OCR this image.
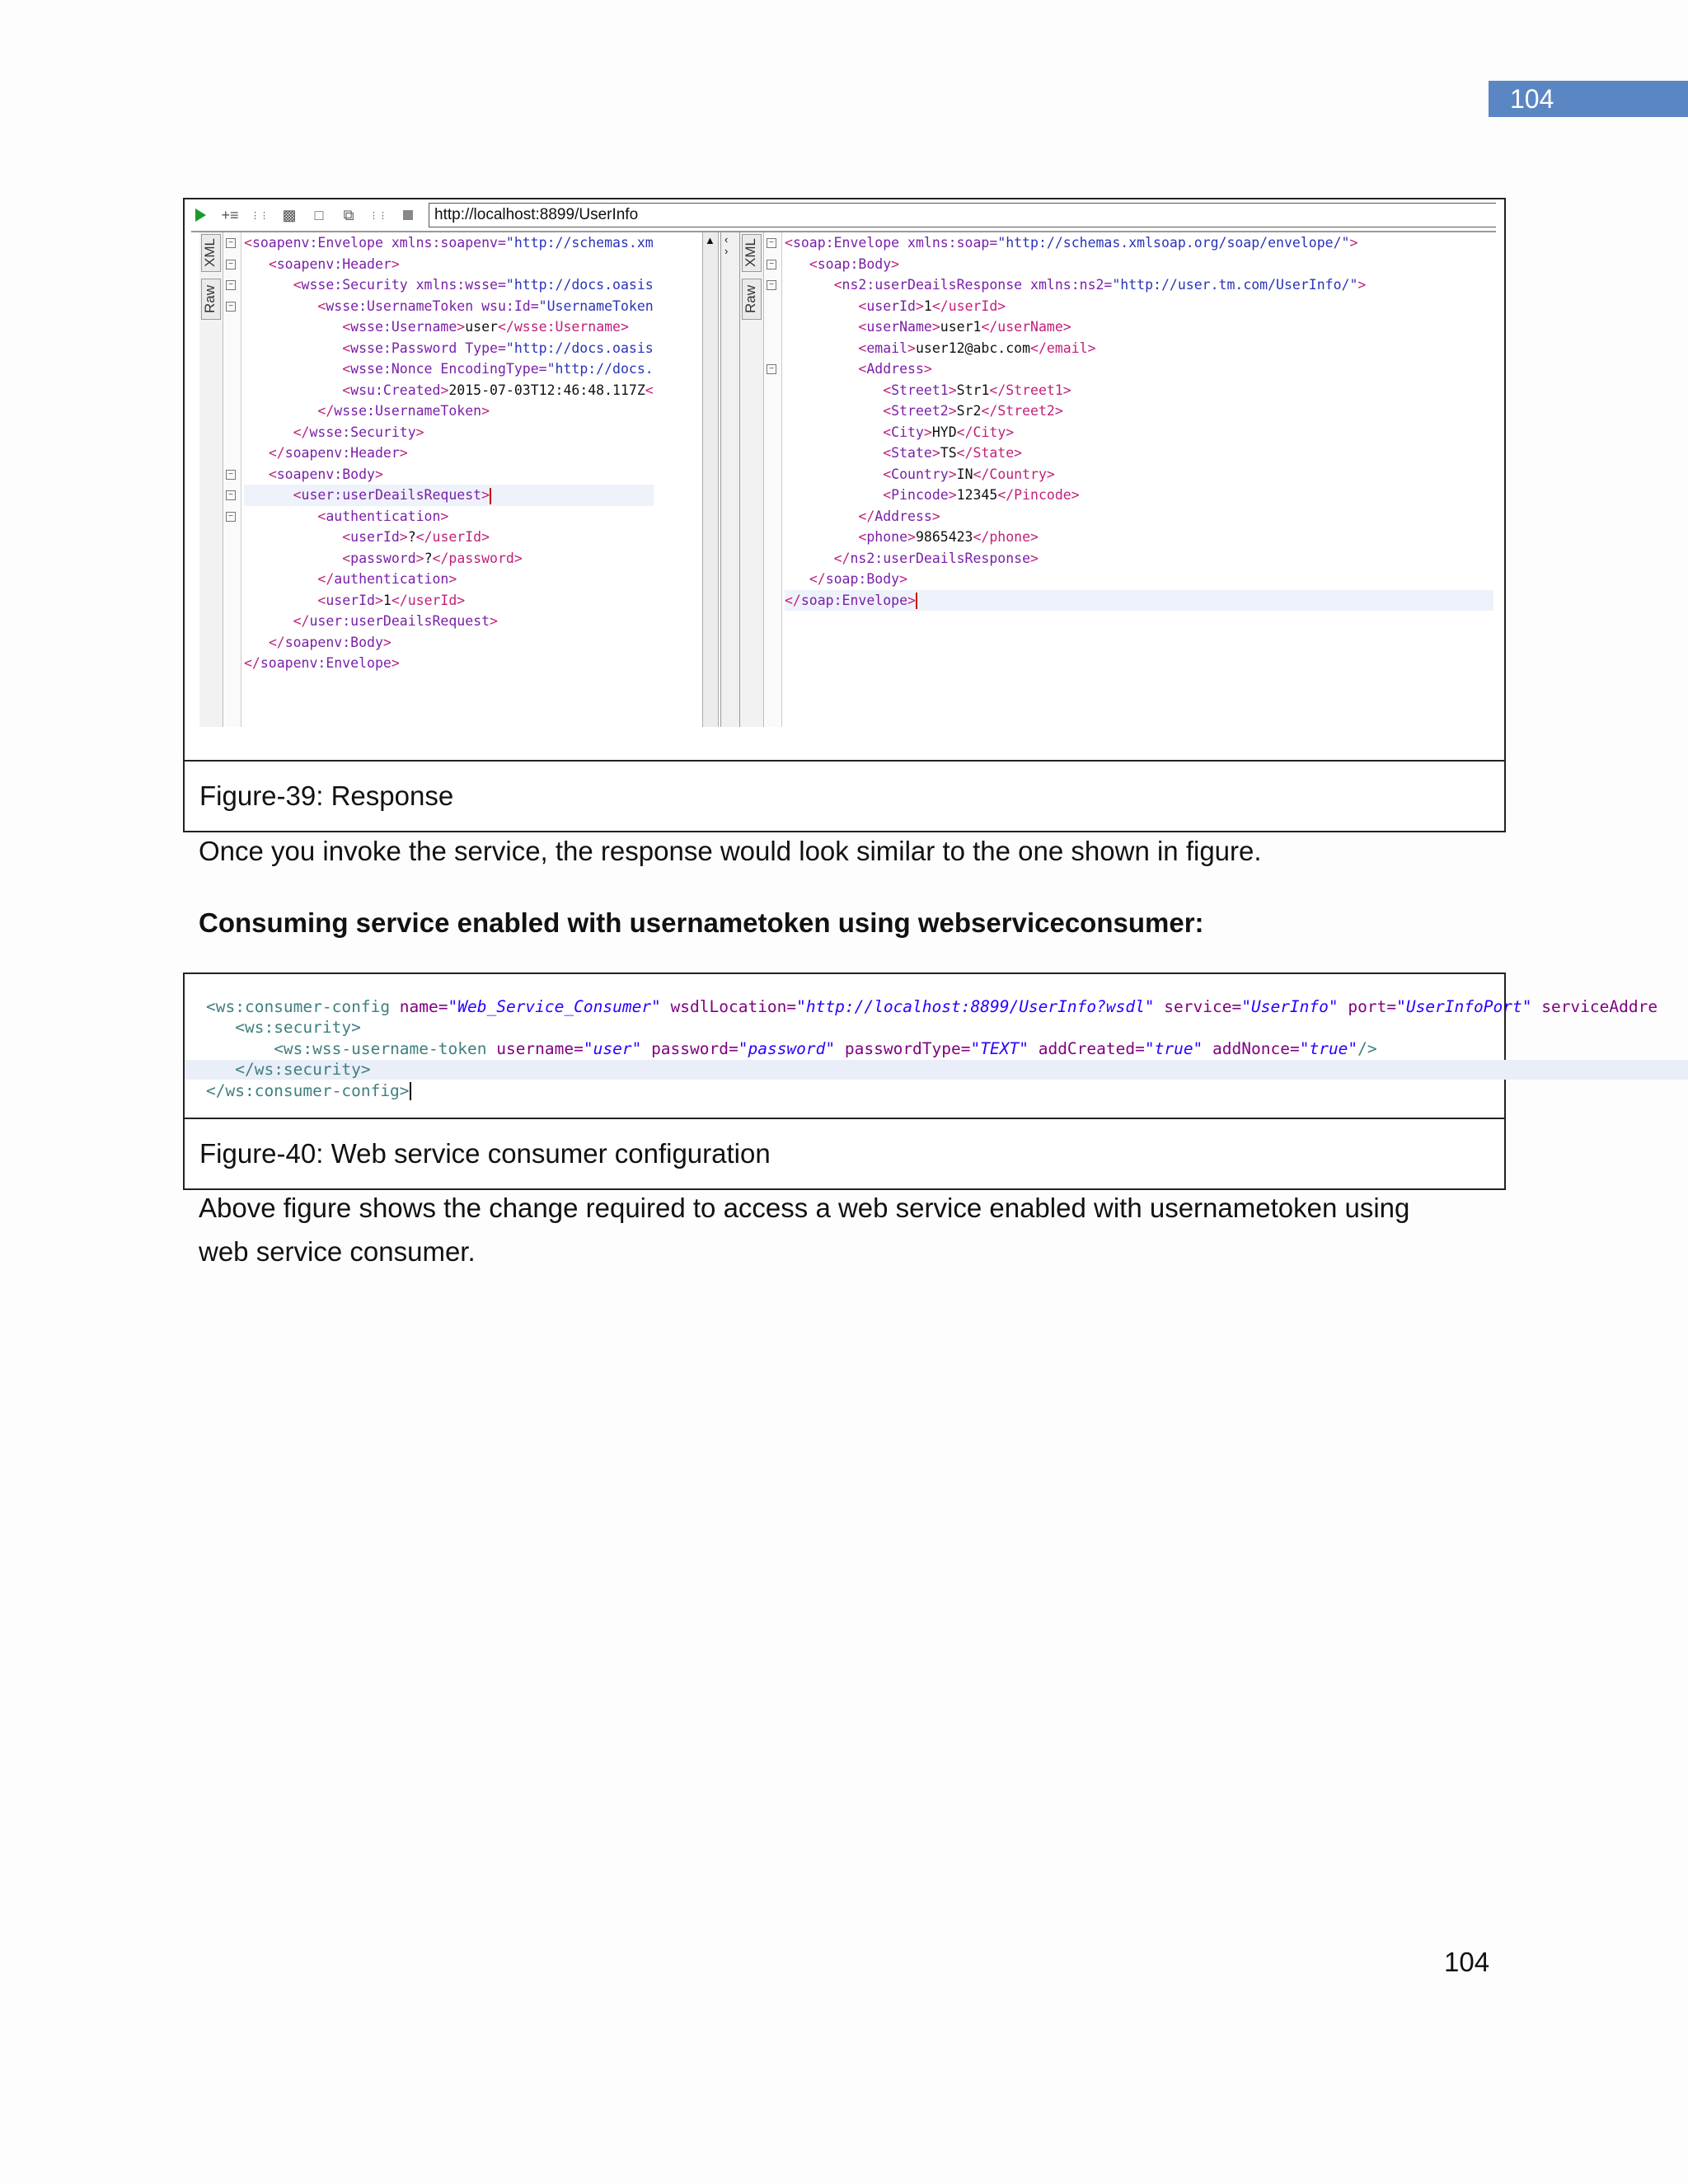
104
+≡ ⋮⋮ ▩	□	⧉	⋮⋮	http://localhost:8899/UserInfo
XML
Raw
−
−
−
−
−
−
−
<soapenv:Envelope xmlns:soapenv="http://schemas.xm
<soapenv:Header>
<wsse:Security xmlns:wsse="http://docs.oasis
<wsse:UsernameToken wsu:Id="UsernameToken
<wsse:Username>user</wsse:Username>
<wsse:Password Type="http://docs.oasis
<wsse:Nonce EncodingType="http://docs.
<wsu:Created>2015-07-03T12:46:48.117Z<
</wsse:UsernameToken>
</wsse:Security>
</soapenv:Header>
<soapenv:Body>
<user:userDeailsRequest>
<authentication>
<userId>?</userId>
<password>?</password>
</authentication>
<userId>1</userId>
</user:userDeailsRequest>
</soapenv:Body>
</soapenv:Envelope>
▲ ‹
› XML
Raw
−
−
−
−
<soap:Envelope xmlns:soap="http://schemas.xmlsoap.org/soap/envelope/">
<soap:Body>
<ns2:userDeailsResponse xmlns:ns2="http://user.tm.com/UserInfo/">
<userId>1</userId>
<userName>user1</userName>
<email>user12@abc.com</email>
<Address>
<Street1>Str1</Street1>
<Street2>Sr2</Street2>
<City>HYD</City>
<State>TS</State>
<Country>IN</Country>
<Pincode>12345</Pincode>
</Address>
<phone>9865423</phone>
</ns2:userDeailsResponse>
</soap:Body>
</soap:Envelope>
Figure-39: Response
Once you invoke the service, the response would look similar to the one shown in figure.
Consuming service enabled with usernametoken using webserviceconsumer:

<ws:consumer-config name="Web_Service_Consumer" wsdlLocation="http://localhost:8899/UserInfo?wsdl" service="UserInfo" port="UserInfoPort" serviceAddre
<ws:security>
<ws:wss-username-token username="user" password="password" passwordType="TEXT" addCreated="true" addNonce="true"/>
</ws:security>
</ws:consumer-config>
Figure-40: Web service consumer configuration
Above figure shows the change required to access a web service enabled with usernametoken using
web service consumer.
104
